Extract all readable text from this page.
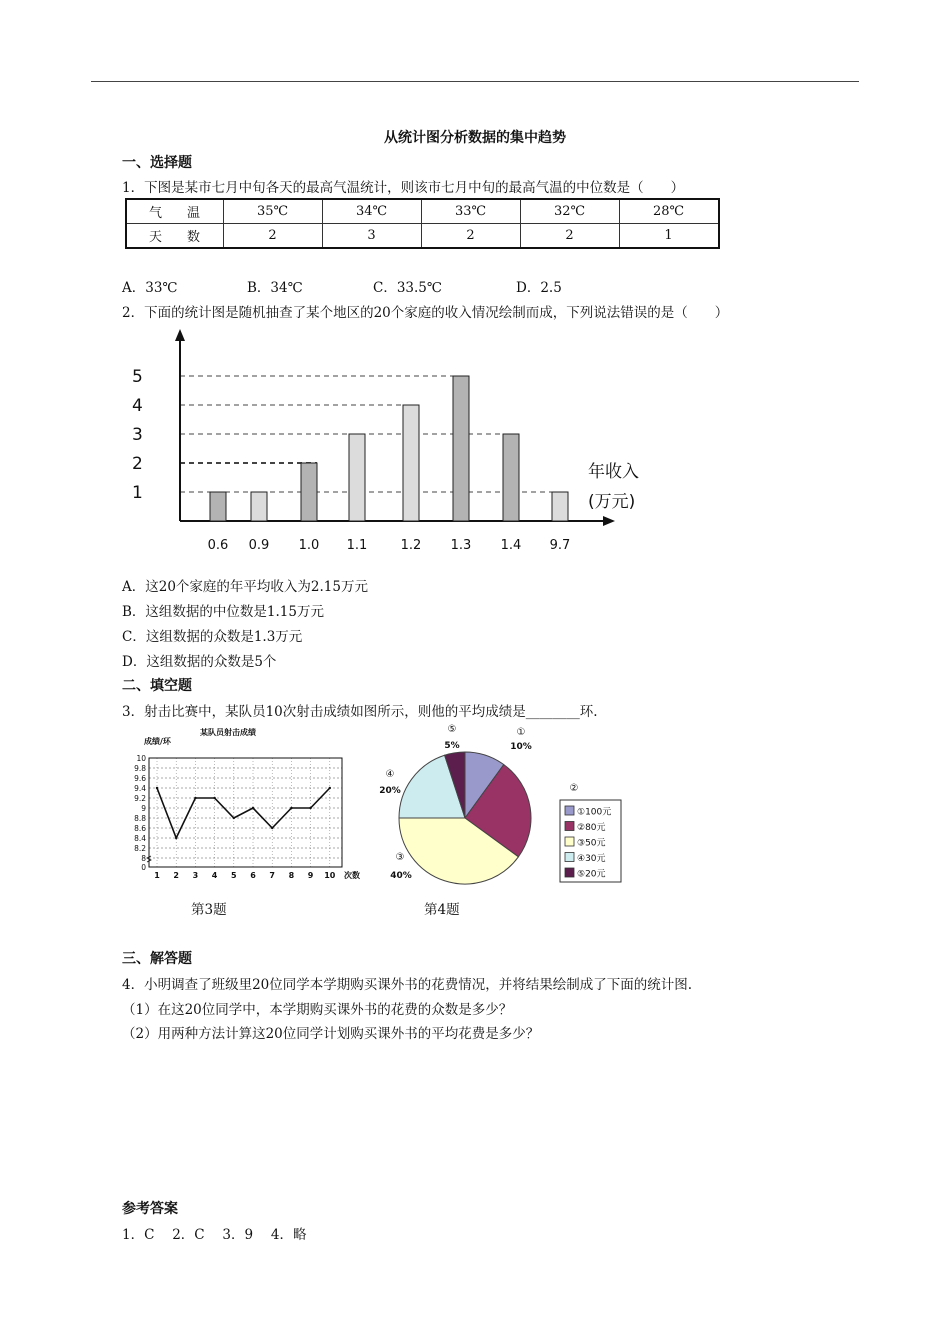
从统计图分析数据的集中趋势
一、选择题
1．下图是某市七月中旬各天的最高气温统计，则该市七月中旬的最高气温的中位数是（　　）
气　温	35℃	34℃	33℃	32℃	28℃
天　数	2	3	2	2	1
A．33℃	B．34℃	C．33.5℃	D．2.5
2．下面的统计图是随机抽查了某个地区的20个家庭的收入情况绘制而成，下列说法错误的是（　　）
1
2
3
4
5
0.6 0.9 1.0 1.1	1.2 1.3 1.4 9.7
年收入
(万元)
A．这20个家庭的年平均收入为2.15万元
B．这组数据的中位数是1.15万元
C．这组数据的众数是1.3万元
D．这组数据的众数是5个
二、填空题
3．射击比赛中，某队员10次射击成绩如图所示，则他的平均成绩是________环.
某队员射击成绩
成绩/环
0
8
8.2
8.4
8.6
8.8
9
9.2
9.4
9.6
9.8
10
1 2 3 4 5 6 7 8 9 10 次数
①
10%
②
③
40%
④
20%
⑤
5%
①100元
②80元
③50元
④30元
⑤20元
第3题	第4题
三、解答题
4．小明调查了班级里20位同学本学期购买课外书的花费情况，并将结果绘制成了下面的统计图.
（1）在这20位同学中，本学期购买课外书的花费的众数是多少？
（2）用两种方法计算这20位同学计划购买课外书的平均花费是多少？
参考答案
1．C　 2．C　 3．9　 4．略
